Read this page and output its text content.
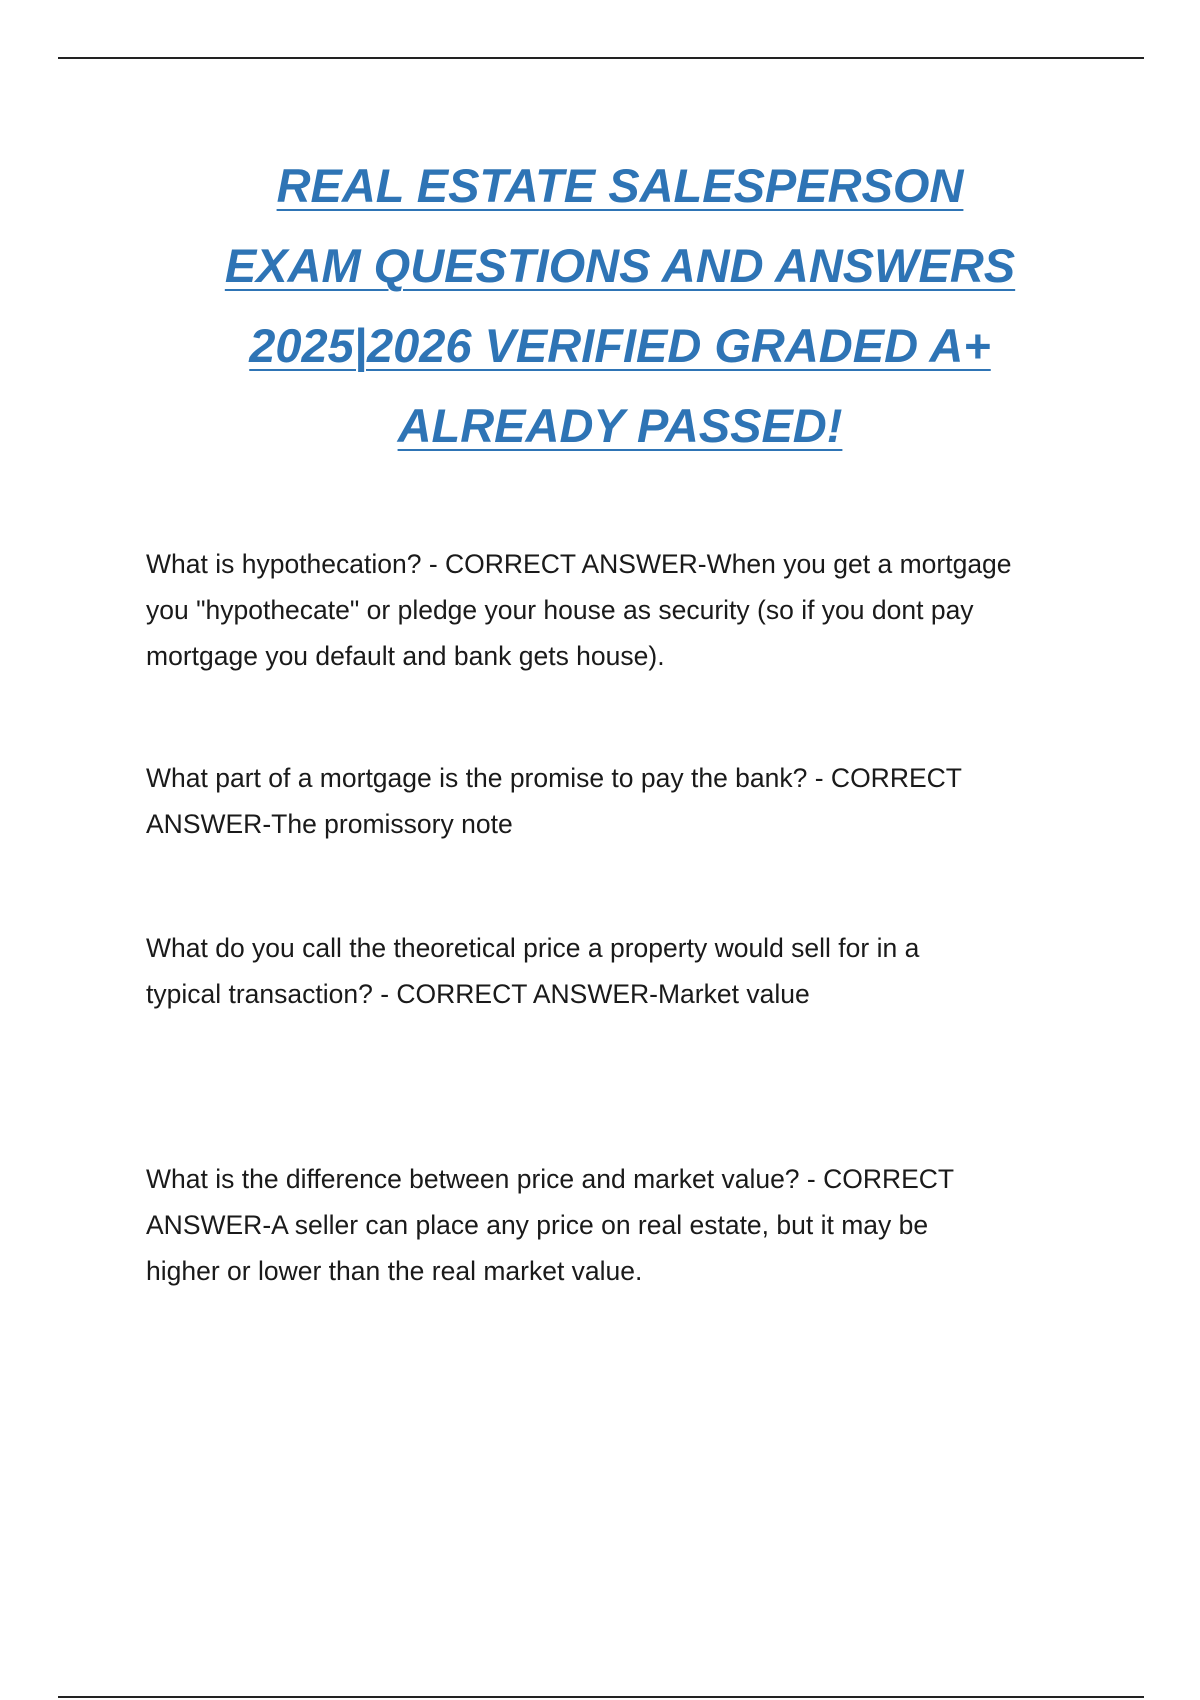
REAL ESTATE SALESPERSON
EXAM QUESTIONS AND ANSWERS
2025|2026 VERIFIED GRADED A+
ALREADY PASSED!

What is hypothecation? - CORRECT ANSWER-When you get a mortgage
you "hypothecate" or pledge your house as security (so if you dont pay
mortgage you default and bank gets house).

What part of a mortgage is the promise to pay the bank? - CORRECT
ANSWER-The promissory note

What do you call the theoretical price a property would sell for in a
typical transaction? - CORRECT ANSWER-Market value

What is the difference between price and market value? - CORRECT
ANSWER-A seller can place any price on real estate, but it may be
higher or lower than the real market value.
